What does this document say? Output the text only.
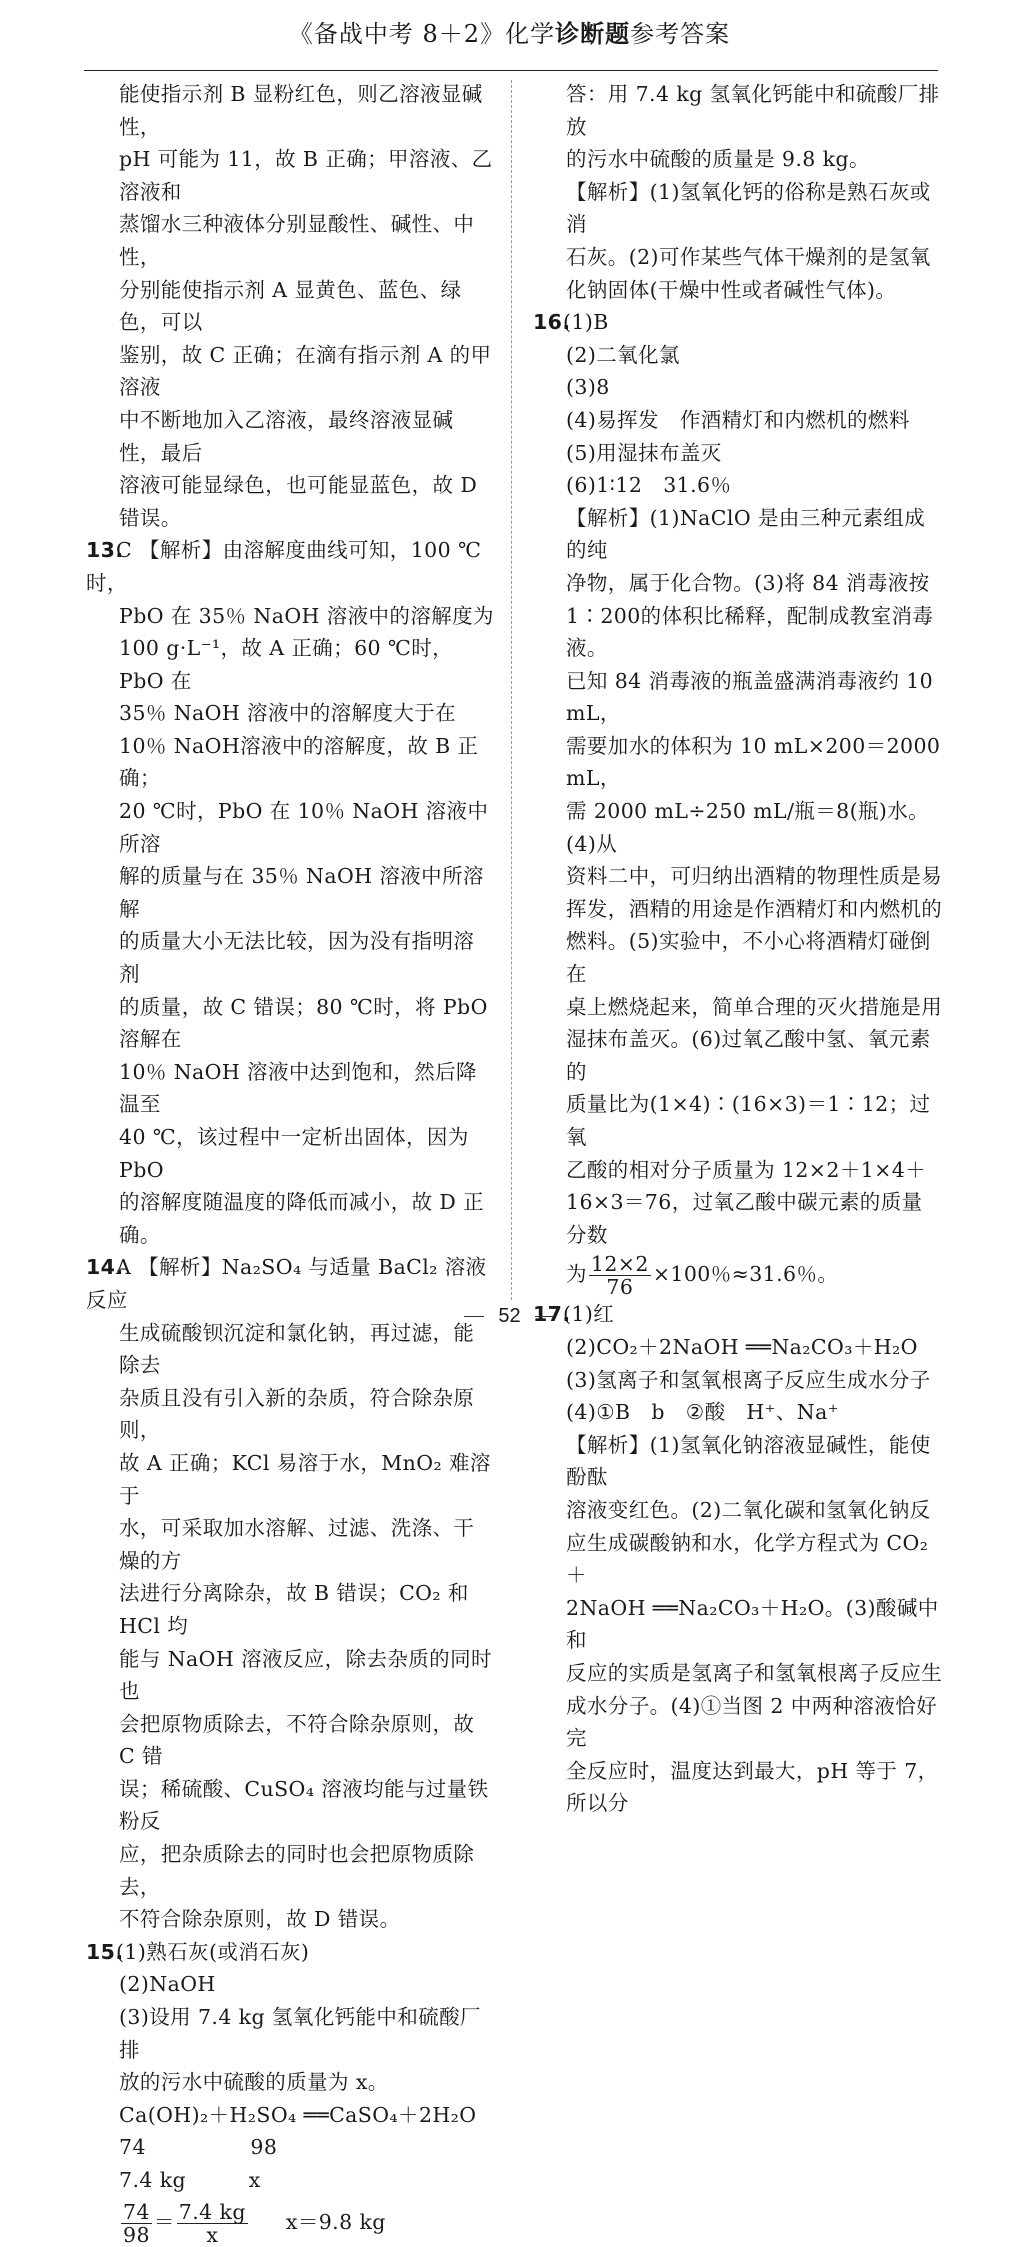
《备战中考 8＋2》化学诊断题参考答案

能使指示剂 B 显粉红色，则乙溶液显碱性，

pH 可能为 11，故 B 正确；甲溶液、乙溶液和

蒸馏水三种液体分别显酸性、碱性、中性，

分别能使指示剂 A 显黄色、蓝色、绿色，可以

鉴别，故 C 正确；在滴有指示剂 A 的甲溶液

中不断地加入乙溶液，最终溶液显碱性，最后

溶液可能显绿色，也可能显蓝色，故 D 错误。

13.C 【解析】由溶解度曲线可知，100 ℃时，

PbO 在 35％ NaOH 溶液中的溶解度为

100 g·L⁻¹，故 A 正确；60 ℃时，PbO 在

35％ NaOH 溶液中的溶解度大于在

10％ NaOH溶液中的溶解度，故 B 正确；

20 ℃时，PbO 在 10％ NaOH 溶液中所溶

解的质量与在 35％ NaOH 溶液中所溶解

的质量大小无法比较，因为没有指明溶剂

的质量，故 C 错误；80 ℃时，将 PbO 溶解在

10％ NaOH 溶液中达到饱和，然后降温至

40 ℃，该过程中一定析出固体，因为 PbO

的溶解度随温度的降低而减小，故 D 正确。

14.A 【解析】Na₂SO₄ 与适量 BaCl₂ 溶液反应

生成硫酸钡沉淀和氯化钠，再过滤，能除去

杂质且没有引入新的杂质，符合除杂原则，

故 A 正确；KCl 易溶于水，MnO₂ 难溶于

水，可采取加水溶解、过滤、洗涤、干燥的方

法进行分离除杂，故 B 错误；CO₂ 和 HCl 均

能与 NaOH 溶液反应，除去杂质的同时也

会把原物质除去，不符合除杂原则，故 C 错

误；稀硫酸、CuSO₄ 溶液均能与过量铁粉反

应，把杂质除去的同时也会把原物质除去，

不符合除杂原则，故 D 错误。

15.(1)熟石灰(或消石灰)

(2)NaOH

(3)设用 7.4 kg 氢氧化钙能中和硫酸厂排

放的污水中硫酸的质量为 x。

Ca(OH)₂＋H₂SO₄ ══CaSO₄＋2H₂O

74　　　　　98

7.4 kg　　　x

$\frac{74}{98} = \frac{7.4 kg}{x} x=9.8$ kg

答：用 7.4 kg 氢氧化钙能中和硫酸厂排放

的污水中硫酸的质量是 9.8 kg。

【解析】(1)氢氧化钙的俗称是熟石灰或消

石灰。(2)可作某些气体干燥剂的是氢氧

化钠固体(干燥中性或者碱性气体)。

16.(1)B

(2)二氧化氯

(3)8

(4)易挥发　作酒精灯和内燃机的燃料

(5)用湿抹布盖灭

(6)1∶12　31.6％

【解析】(1)NaClO 是由三种元素组成的纯

净物，属于化合物。(3)将 84 消毒液按

1∶200的体积比稀释，配制成教室消毒液。

已知 84 消毒液的瓶盖盛满消毒液约 10 mL，

需要加水的体积为 10 mL×200＝2000 mL，

需 2000 mL÷250 mL/瓶＝8(瓶)水。(4)从

资料二中，可归纳出酒精的物理性质是易

挥发，酒精的用途是作酒精灯和内燃机的

燃料。(5)实验中，不小心将酒精灯碰倒在

桌上燃烧起来，简单合理的灭火措施是用

湿抹布盖灭。(6)过氧乙酸中氢、氧元素的

质量比为(1×4)∶(16×3)＝1∶12；过氧

乙酸的相对分子质量为 12×2＋1×4＋

16×3＝76，过氧乙酸中碳元素的质量分数

为 $\frac{12\times 2}{76} \times 100$％≈31.6％。

17.(1)红

(2)CO₂＋2NaOH ══Na₂CO₃＋H₂O

(3)氢离子和氢氧根离子反应生成水分子

(4)①B　b　②酸　H⁺、Na⁺

【解析】(1)氢氧化钠溶液显碱性，能使酚酞

溶液变红色。(2)二氧化碳和氢氧化钠反

应生成碳酸钠和水，化学方程式为 CO₂＋

2NaOH ══Na₂CO₃＋H₂O。(3)酸碱中和

反应的实质是氢离子和氢氧根离子反应生

成水分子。(4)①当图 2 中两种溶液恰好完

全反应时，温度达到最大，pH 等于 7，所以分

52
